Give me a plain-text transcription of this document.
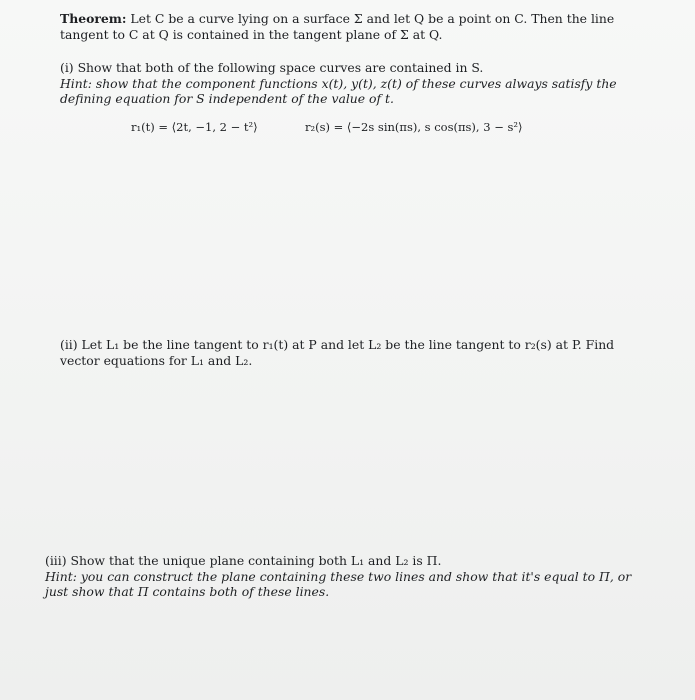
Theorem: Let C be a curve lying on a surface Σ and let Q be a point on C. Then the line
tangent to C at Q is contained in the tangent plane of Σ at Q.
(i) Show that both of the following space curves are contained in S.
Hint: show that the component functions x(t), y(t), z(t) of these curves always satisfy the
defining equation for S independent of the value of t.
r₁(t) = ⟨2t, −1, 2 − t²⟩	r₂(s) = ⟨−2s sin(πs), s cos(πs), 3 − s²⟩
(ii) Let L₁ be the line tangent to r₁(t) at P and let L₂ be the line tangent to r₂(s) at P. Find
vector equations for L₁ and L₂.
(iii) Show that the unique plane containing both L₁ and L₂ is Π.
Hint: you can construct the plane containing these two lines and show that it's equal to Π, or
just show that Π contains both of these lines.
